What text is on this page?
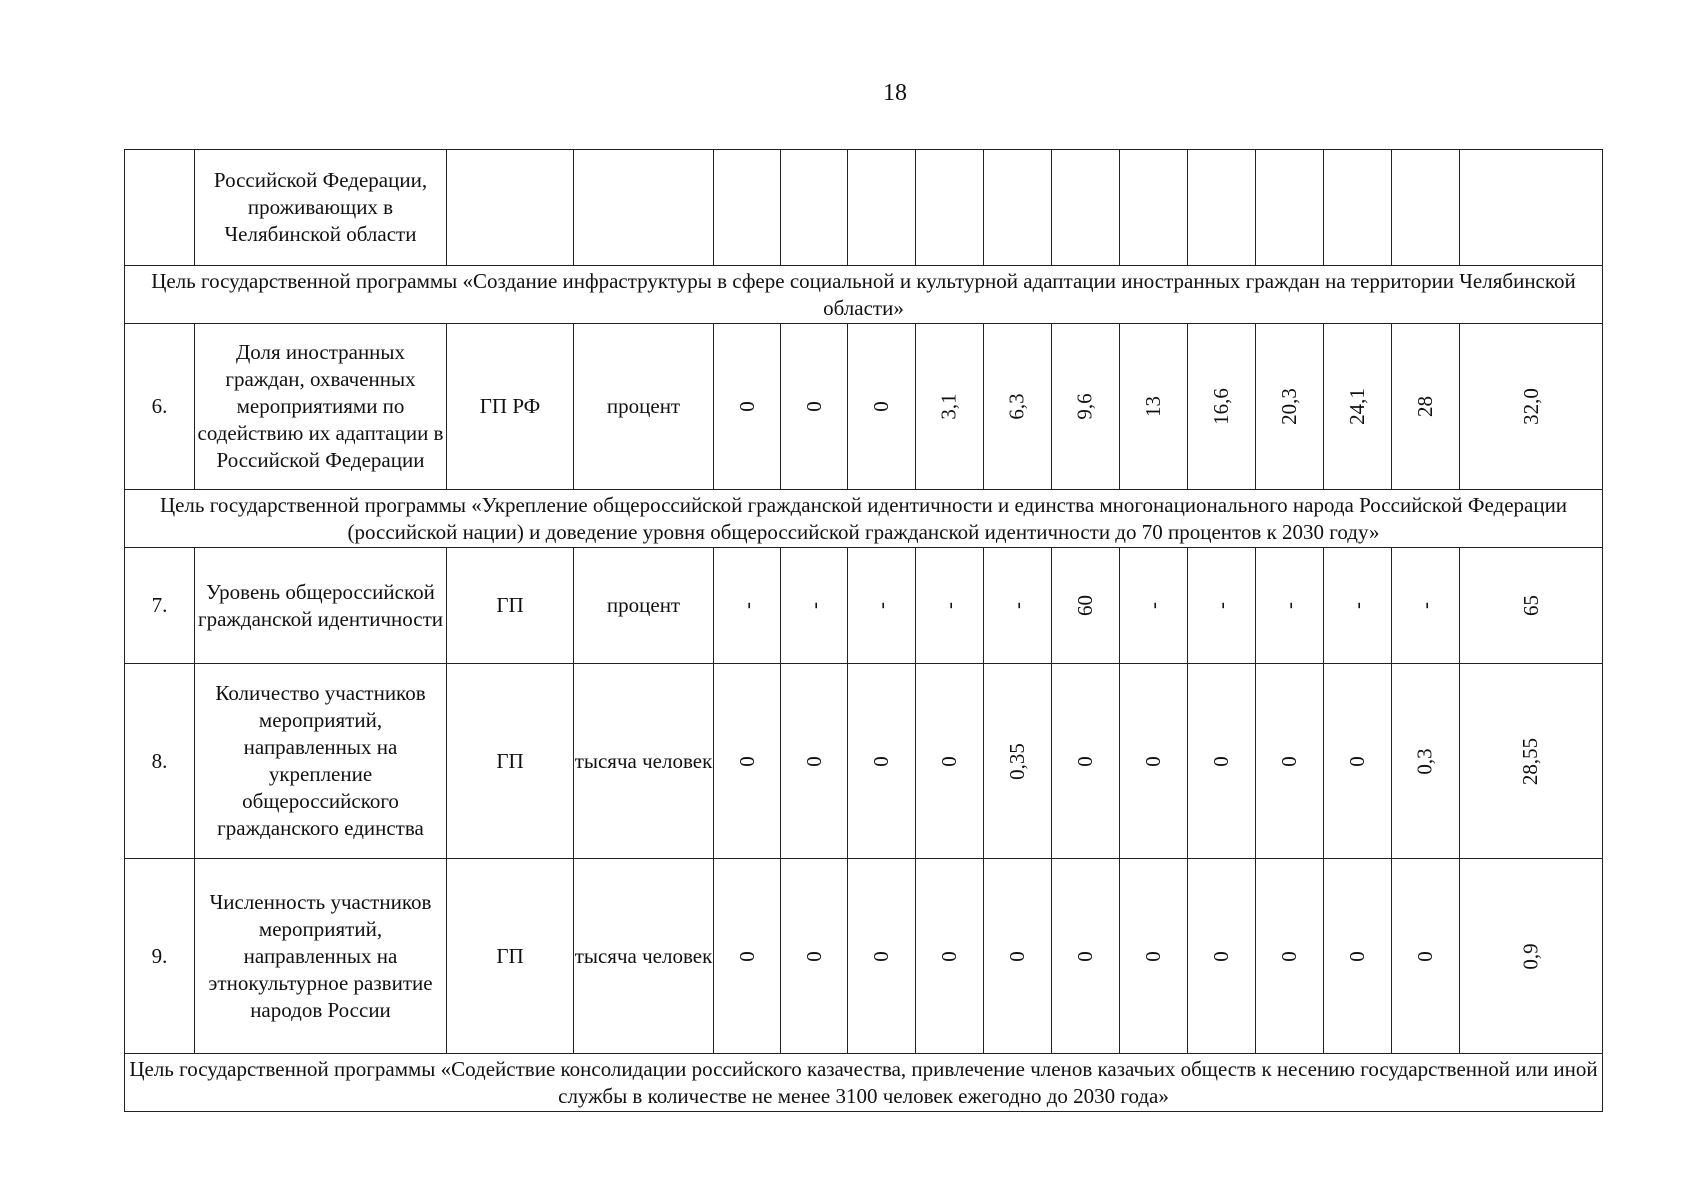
18
	Российской Федерации, проживающих в Челябинской области														
Цель государственной программы «Создание инфраструктуры в сфере социальной и культурной адаптации иностранных граждан на территории Челябинской области»															
6.	Доля иностранных граждан, охваченных мероприятиями по содействию их адаптации в Российской Федерации	ГП РФ	процент	0	0	0	3,1	6,3	9,6	13	16,6	20,3	24,1	28	32,0
Цель государственной программы «Укрепление общероссийской гражданской идентичности и единства многонационального народа Российской Федерации (российской нации) и доведение уровня общероссийской гражданской идентичности до 70 процентов к 2030 году»															
7.	Уровень общероссийской гражданской идентичности	ГП	процент	-	-	-	-	-	60	-	-	-	-	-	65
8.	Количество участников мероприятий, направленных на укрепление общероссийского гражданского единства	ГП	тысяча человек	0	0	0	0	0,35	0	0	0	0	0	0,3	28,55
9.	Численность участников мероприятий, направленных на этнокультурное развитие народов России	ГП	тысяча человек	0	0	0	0	0	0	0	0	0	0	0	0,9
Цель государственной программы «Содействие консолидации российского казачества, привлечение членов казачьих обществ к несению государственной или иной службы в количестве не менее 3100 человек ежегодно до 2030 года»															
